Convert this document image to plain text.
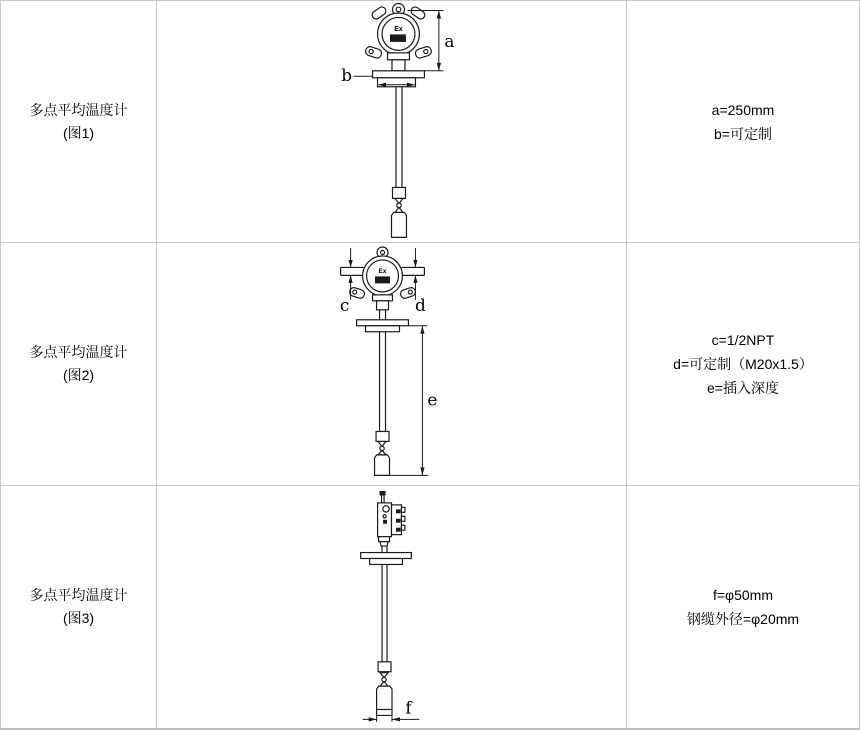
多点平均温度计
(图1)
Ex
b
a
a=250mm
b=可定制
多点平均温度计
(图2)
Ex
c	d
e
c=1/2NPT
d=可定制（M20x1.5）
e=插入深度
多点平均温度计
(图3)
f
f=φ50mm
钢缆外径=φ20mm
